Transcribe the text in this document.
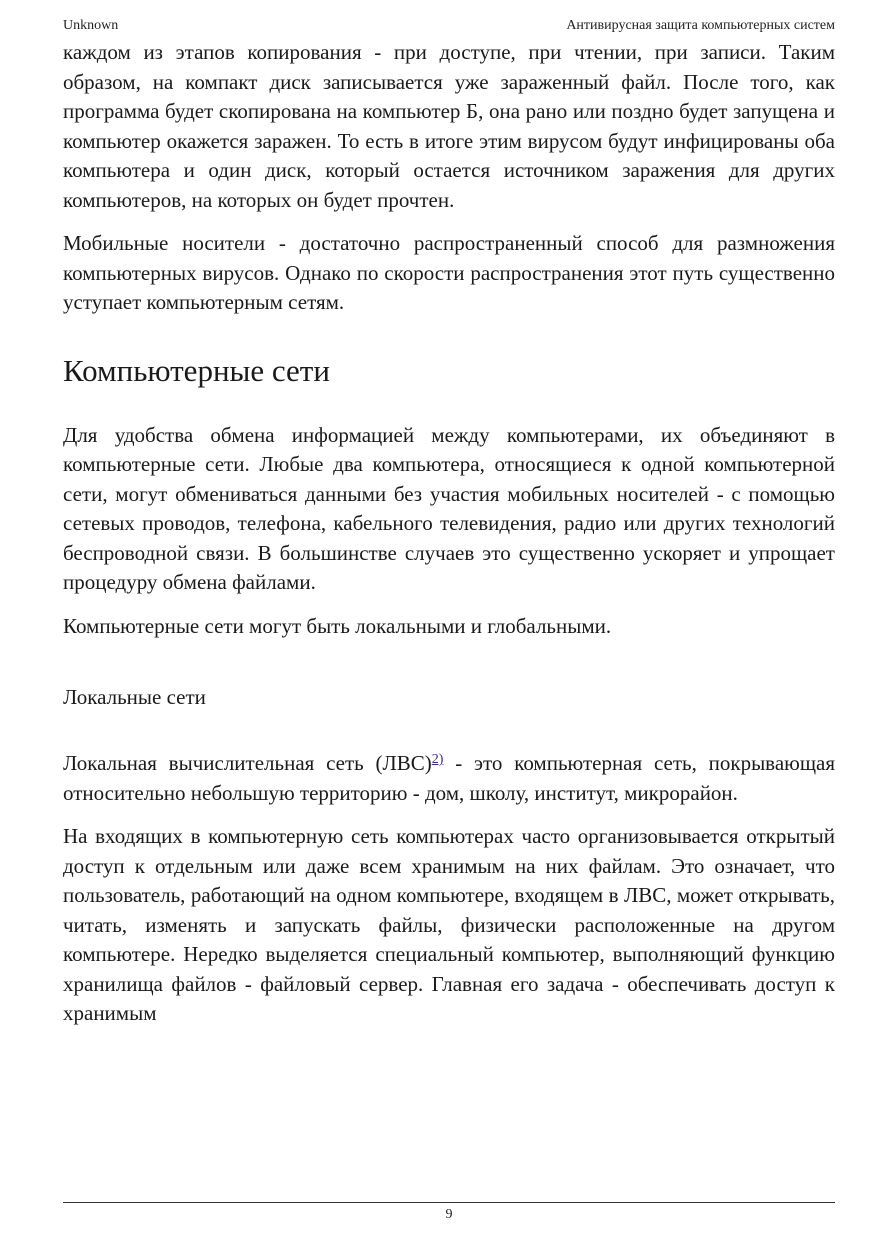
Unknown	Антивирусная защита компьютерных систем

каждом из этапов копирования - при доступе, при чтении, при записи. Таким образом, на компакт диск записывается уже зараженный файл. После того, как программа будет скопирована на компьютер Б, она рано или поздно будет запущена и компьютер окажется заражен. То есть в итоге этим вирусом будут инфицированы оба компьютера и один диск, который остается источником заражения для других компьютеров, на которых он будет прочтен.

Мобильные носители - достаточно распространенный способ для размножения компьютерных вирусов. Однако по скорости распространения этот путь существенно уступает компьютерным сетям.

Компьютерные сети

Для удобства обмена информацией между компьютерами, их объединяют в компьютерные сети. Любые два компьютера, относящиеся к одной компьютерной сети, могут обмениваться данными без участия мобильных носителей - с помощью сетевых проводов, телефона, кабельного телевидения, радио или других технологий беспроводной связи. В большинстве случаев это существенно ускоряет и упрощает процедуру обмена файлами.

Компьютерные сети могут быть локальными и глобальными.

Локальные сети

Локальная вычислительная сеть (ЛВС)$^{2)}$ - это компьютерная сеть, покрывающая относительно небольшую территорию - дом, школу, институт, микрорайон.

На входящих в компьютерную сеть компьютерах часто организовывается открытый доступ к отдельным или даже всем хранимым на них файлам. Это означает, что пользователь, работающий на одном компьютере, входящем в ЛВС, может открывать, читать, изменять и запускать файлы, физически расположенные на другом компьютере. Нередко выделяется специальный компьютер, выполняющий функцию хранилища файлов - файловый сервер. Главная его задача - обеспечивать доступ к хранимым

9
